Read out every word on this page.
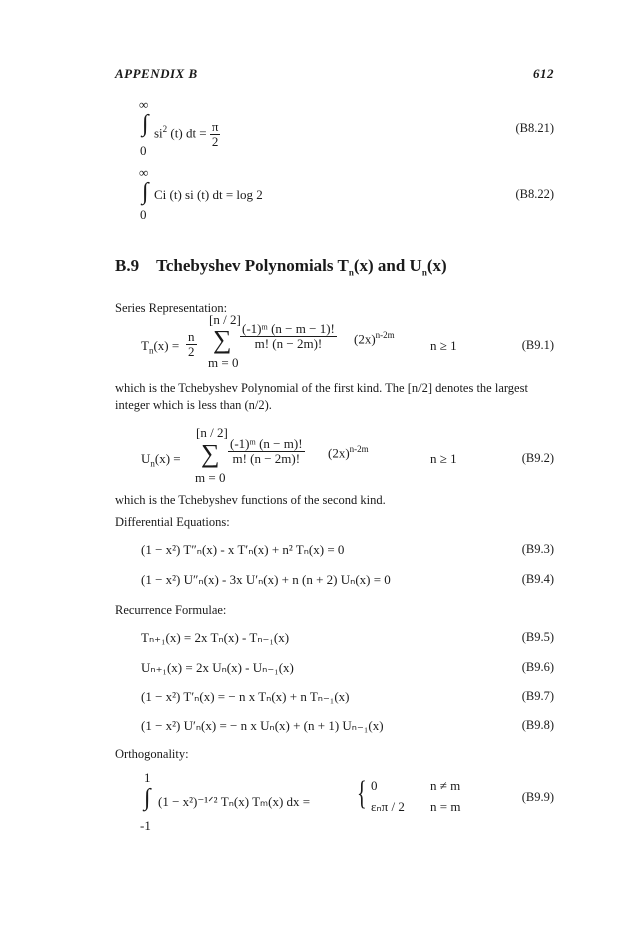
APPENDIX B	612
∞
∫ $si^2$ (t) dt = $\frac{\pi}{2}$
0
(B8.21)
∞
∫ Ci (t) si (t) dt = log 2
0
(B8.22)
B.9 Tchebyshev Polynomials $T_n(x)$ and $U_n(x)$
Series Representation:
$T_n(x) = \frac{n}{2}$
[n / 2]
∑
m = 0
$\frac{\text{(-1)ᵐ (n − m − 1)!}}{m! (n - 2m)!} (2x)^{n-2m}$
n ≥ 1	(B9.1)
which is the Tchebyshev Polynomial of the first kind. The [n/2] denotes the largest integer which is less than (n/2).
[n / 2]
$U_n(x)$ = ∑
m = 0
$\frac{\text{(-1)ᵐ (n − m)!}}{m! (n - 2m)!} (2x)^{n-2m}$
n ≥ 1	(B9.2)
which is the Tchebyshev functions of the second kind.
Differential Equations:
(1 − x²) T″ₙ(x) - x T′ₙ(x) + n² Tₙ(x) = 0	(B9.3)
(1 − x²) U″ₙ(x) - 3x U′ₙ(x) + n (n + 2) Uₙ(x) = 0	(B9.4)
Recurrence Formulae:
Tₙ₊₁(x) = 2x Tₙ(x) - Tₙ₋₁(x)	(B9.5)
Uₙ₊₁(x) = 2x Uₙ(x) - Uₙ₋₁(x)	(B9.6)
(1 − x²) T′ₙ(x) = − n x Tₙ(x) + n Tₙ₋₁(x)	(B9.7)
(1 − x²) U′ₙ(x) = − n x Uₙ(x) + (n + 1) Uₙ₋₁(x)	(B9.8)
Orthogonality:
1
∫ (1 − x²)⁻¹ᐟ² Tₙ(x) Tₘ(x) dx =
-1
{ 0	n ≠ m
εₙπ / 2 n = m
(B9.9)
